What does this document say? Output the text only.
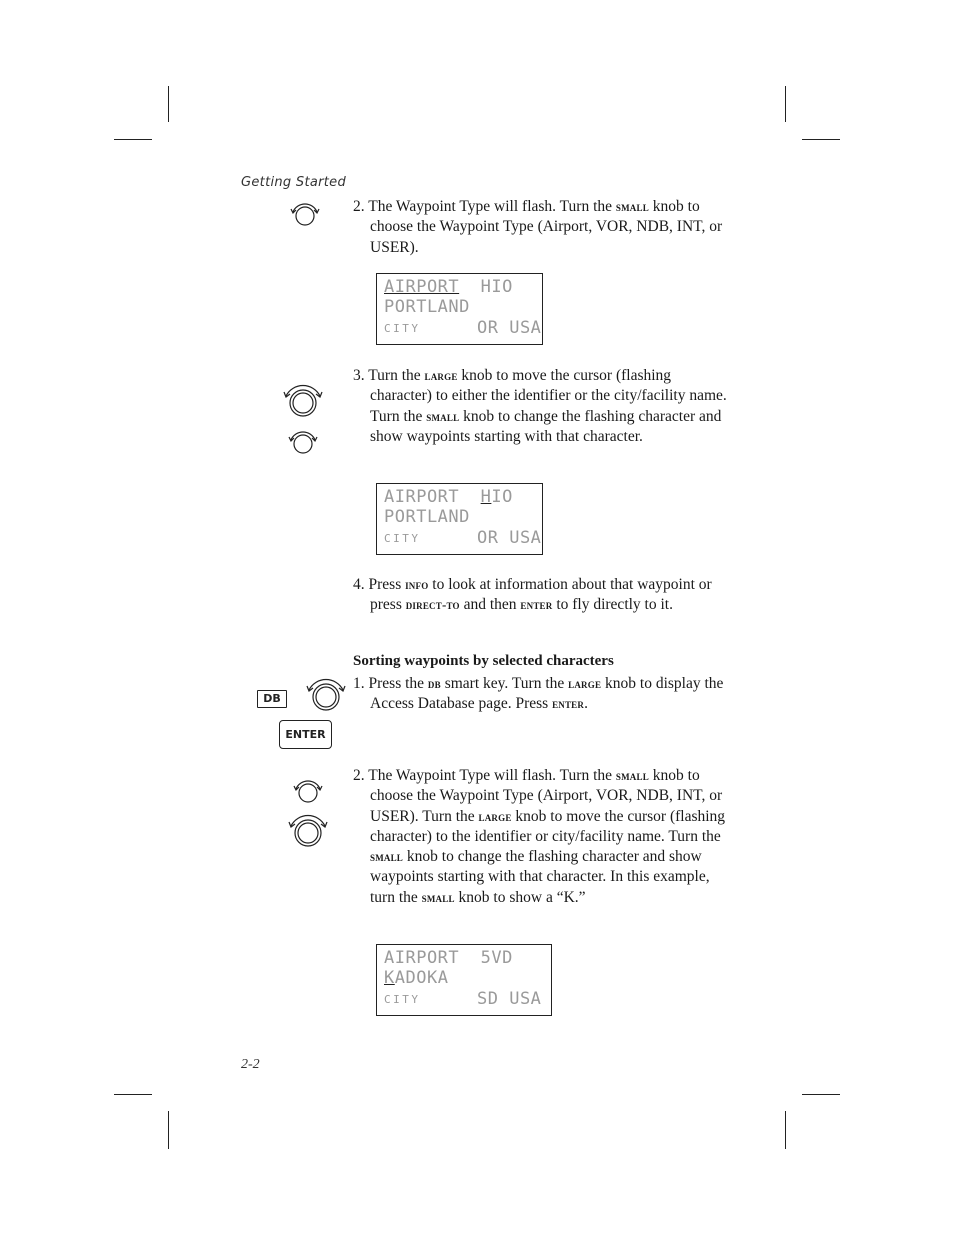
Getting Started

2. The Waypoint Type will flash. Turn the small knob to choose the Waypoint Type (Airport, VOR, NDB, INT, or USER).

AIRPORT HIO
PORTLAND
CITY	OR USA

3. Turn the large knob to move the cursor (flashing character) to either the identifier or the city/facility name. Turn the small knob to change the flashing character and show waypoints starting with that character.

AIRPORT HIO
PORTLAND
CITY	OR USA

4. Press info to look at information about that waypoint or press direct-to and then enter to fly directly to it.

Sorting waypoints by selected characters
DB
ENTER

1. Press the db smart key. Turn the large knob to display the Access Database page. Press enter.

2. The Waypoint Type will flash. Turn the small knob to choose the Waypoint Type (Airport, VOR, NDB, INT, or USER). Turn the large knob to move the cursor (flashing character) to the identifier or city/facility name. Turn the small knob to change the flashing character and show waypoints starting with that character. In this example, turn the small knob to show a “K.”

AIRPORT 5VD
KADOKA
CITY	SD USA
2-2
